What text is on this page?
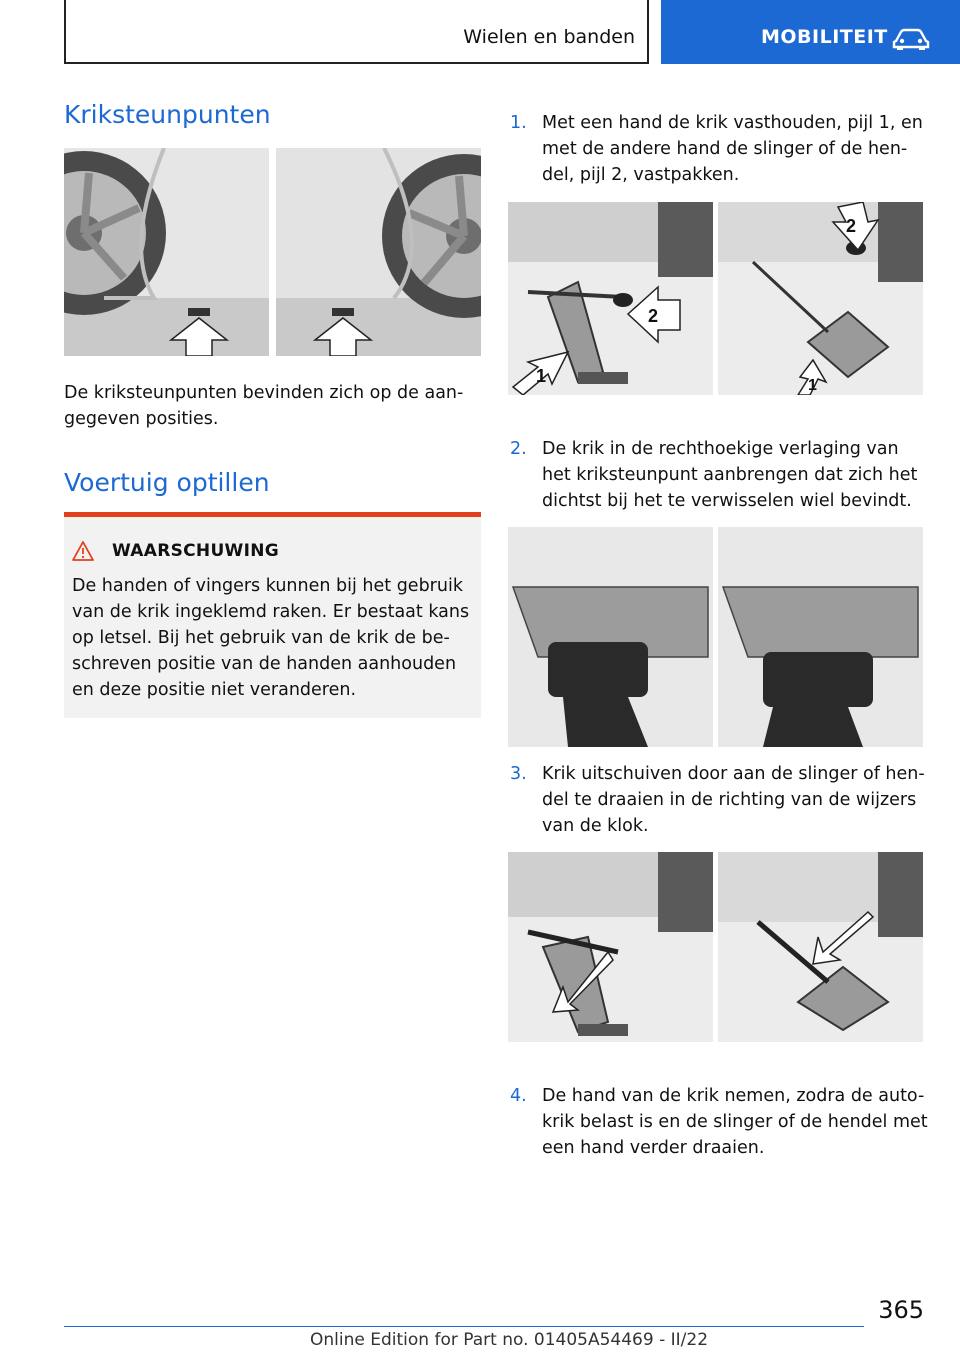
Wielen en banden	MOBILITEIT
Kriksteunpunten

De kriksteunpunten bevinden zich op de aan-gegeven posities.

Voertuig optillen
WAARSCHUWING

De handen of vingers kunnen bij het gebruik van de krik ingeklemd raken. Er bestaat kans op letsel. Bij het gebruik van de krik de be-schreven positie van de handen aanhouden en deze positie niet veranderen.

1. Met een hand de krik vasthouden, pijl 1, en met de andere hand de slinger of de hen-del, pijl 2, vastpakken.

1
2
1
2
2. De krik in de rechthoekige verlaging van het kriksteunpunt aanbrengen dat zich het dichtst bij het te verwisselen wiel bevindt.

3. Krik uitschuiven door aan de slinger of hen-del te draaien in de richting van de wijzers van de klok.

4. De hand van de krik nemen, zodra de auto-krik belast is en de slinger of de hendel met een hand verder draaien.

365
Online Edition for Part no. 01405A54469 - II/22
